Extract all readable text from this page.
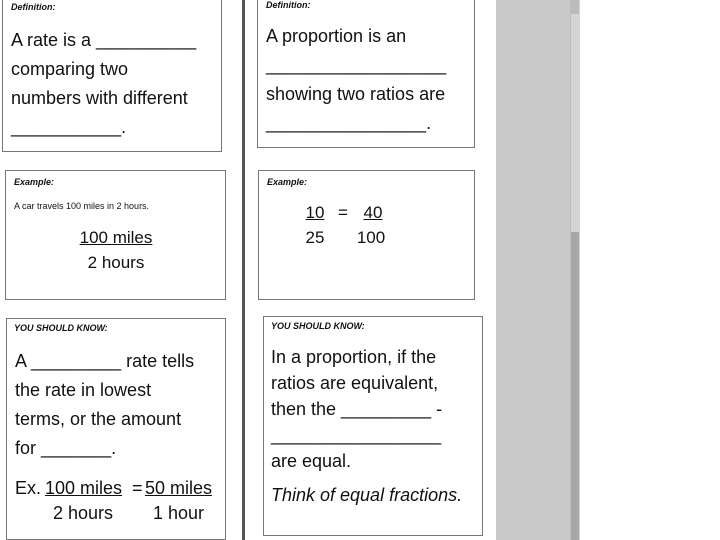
Definition:
A rate is a __________
comparing two
numbers with different
___________.
Definition:
A proportion is an
__________________
showing two ratios are
________________.
Example:
A car travels 100 miles in 2 hours.
100 miles
2 hours
Example:
10 = 40
25	100
YOU SHOULD KNOW:
A _________ rate tells
the rate in lowest
terms, or the amount
for _______.
Ex. 100 miles = 50 miles
2 hours 1 hour
YOU SHOULD KNOW:
In a proportion, if the
ratios are equivalent,
then the _________ -
_________________
are equal.
Think of equal fractions.
